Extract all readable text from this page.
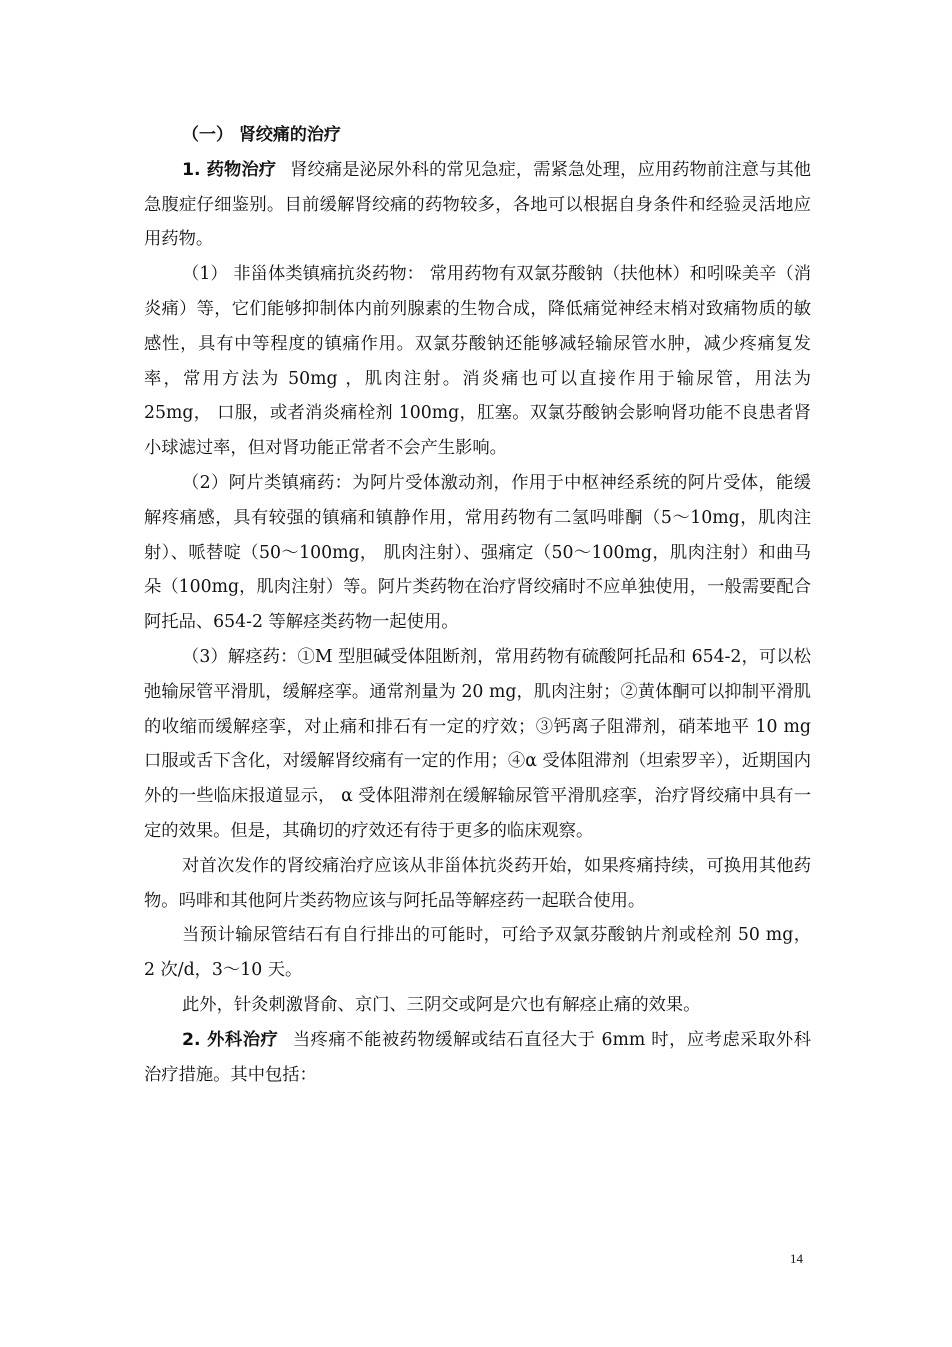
（一） 肾绞痛的治疗

1. 药物治疗 肾绞痛是泌尿外科的常见急症，需紧急处理，应用药物前注意与其他急腹症仔细鉴别。目前缓解肾绞痛的药物较多，各地可以根据自身条件和经验灵活地应用药物。

（1） 非甾体类镇痛抗炎药物： 常用药物有双氯芬酸钠（扶他林）和吲哚美辛（消炎痛）等，它们能够抑制体内前列腺素的生物合成，降低痛觉神经末梢对致痛物质的敏感性，具有中等程度的镇痛作用。双氯芬酸钠还能够减轻输尿管水肿，减少疼痛复发率，常用方法为 50mg ，肌肉注射。消炎痛也可以直接作用于输尿管，用法为 25mg， 口服，或者消炎痛栓剂 100mg，肛塞。双氯芬酸钠会影响肾功能不良患者肾小球滤过率，但对肾功能正常者不会产生影响。

（2）阿片类镇痛药：为阿片受体激动剂，作用于中枢神经系统的阿片受体，能缓解疼痛感，具有较强的镇痛和镇静作用，常用药物有二氢吗啡酮（5～10mg，肌肉注射）、哌替啶（50～100mg， 肌肉注射）、强痛定（50～100mg，肌肉注射）和曲马朵（100mg，肌肉注射）等。阿片类药物在治疗肾绞痛时不应单独使用，一般需要配合阿托品、654-2 等解痉类药物一起使用。

（3）解痉药：①M 型胆碱受体阻断剂，常用药物有硫酸阿托品和 654-2，可以松弛输尿管平滑肌，缓解痉挛。通常剂量为 20 mg，肌肉注射；②黄体酮可以抑制平滑肌的收缩而缓解痉挛，对止痛和排石有一定的疗效；③钙离子阻滞剂，硝苯地平 10 mg 口服或舌下含化，对缓解肾绞痛有一定的作用；④α 受体阻滞剂（坦索罗辛），近期国内外的一些临床报道显示， α 受体阻滞剂在缓解输尿管平滑肌痉挛，治疗肾绞痛中具有一定的效果。但是，其确切的疗效还有待于更多的临床观察。

对首次发作的肾绞痛治疗应该从非甾体抗炎药开始，如果疼痛持续，可换用其他药物。吗啡和其他阿片类药物应该与阿托品等解痉药一起联合使用。

当预计输尿管结石有自行排出的可能时，可给予双氯芬酸钠片剂或栓剂 50 mg， 2 次/d，3～10 天。

此外，针灸刺激肾俞、京门、三阴交或阿是穴也有解痉止痛的效果。

2. 外科治疗 当疼痛不能被药物缓解或结石直径大于 6mm 时，应考虑采取外科治疗措施。其中包括：

14
